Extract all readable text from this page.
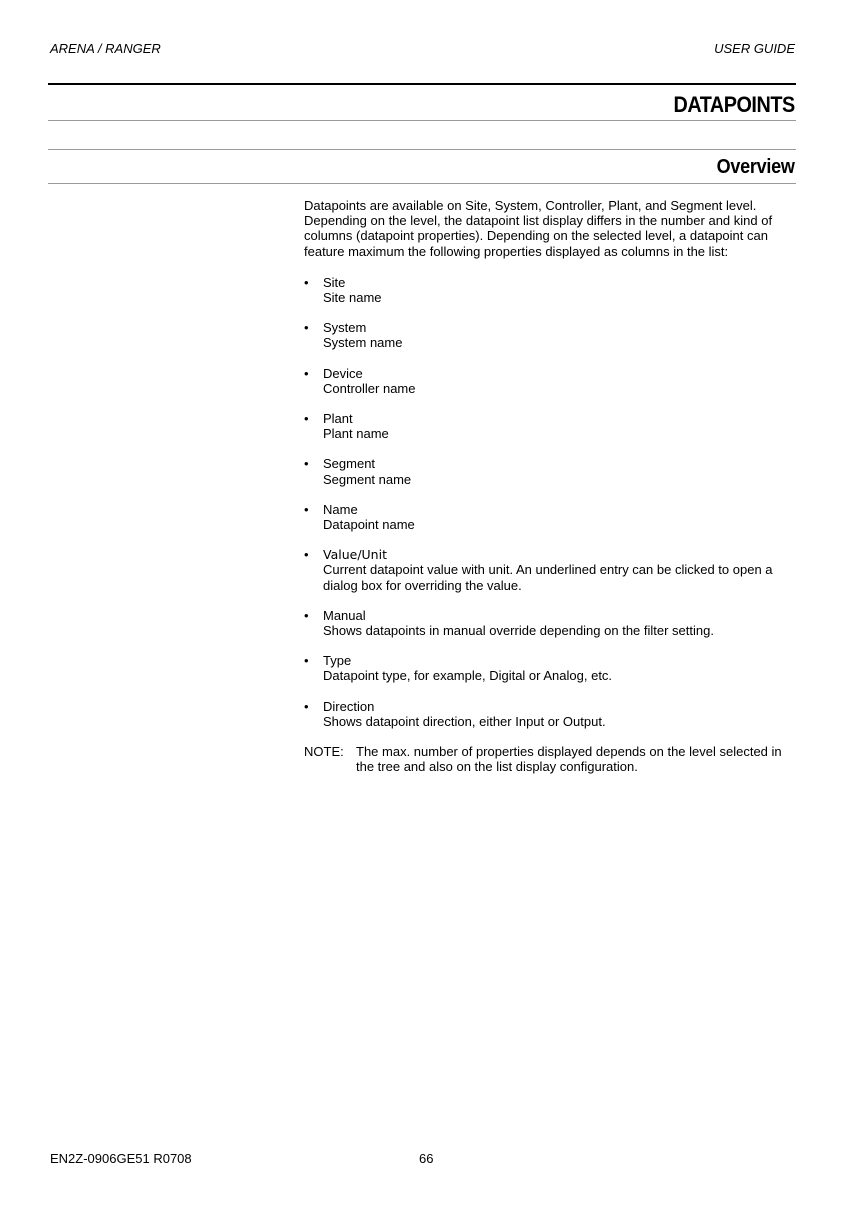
ARENA / RANGER	USER GUIDE
DATAPOINTS
Overview

Datapoints are available on Site, System, Controller, Plant, and Segment level. Depending on the level, the datapoint list display differs in the number and kind of columns (datapoint properties). Depending on the selected level, a datapoint can feature maximum the following properties displayed as columns in the list:

• Site
Site name
• System
System name
• Device
Controller name
• Plant
Plant name
• Segment
Segment name
• Name
Datapoint name
• Value/Unit
Current datapoint value with unit. An underlined entry can be clicked to open a dialog box for overriding the value.
• Manual
Shows datapoints in manual override depending on the filter setting.
• Type
Datapoint type, for example, Digital or Analog, etc.
• Direction
Shows datapoint direction, either Input or Output.
NOTE: The max. number of properties displayed depends on the level selected in the tree and also on the list display configuration.
EN2Z-0906GE51 R0708	66
